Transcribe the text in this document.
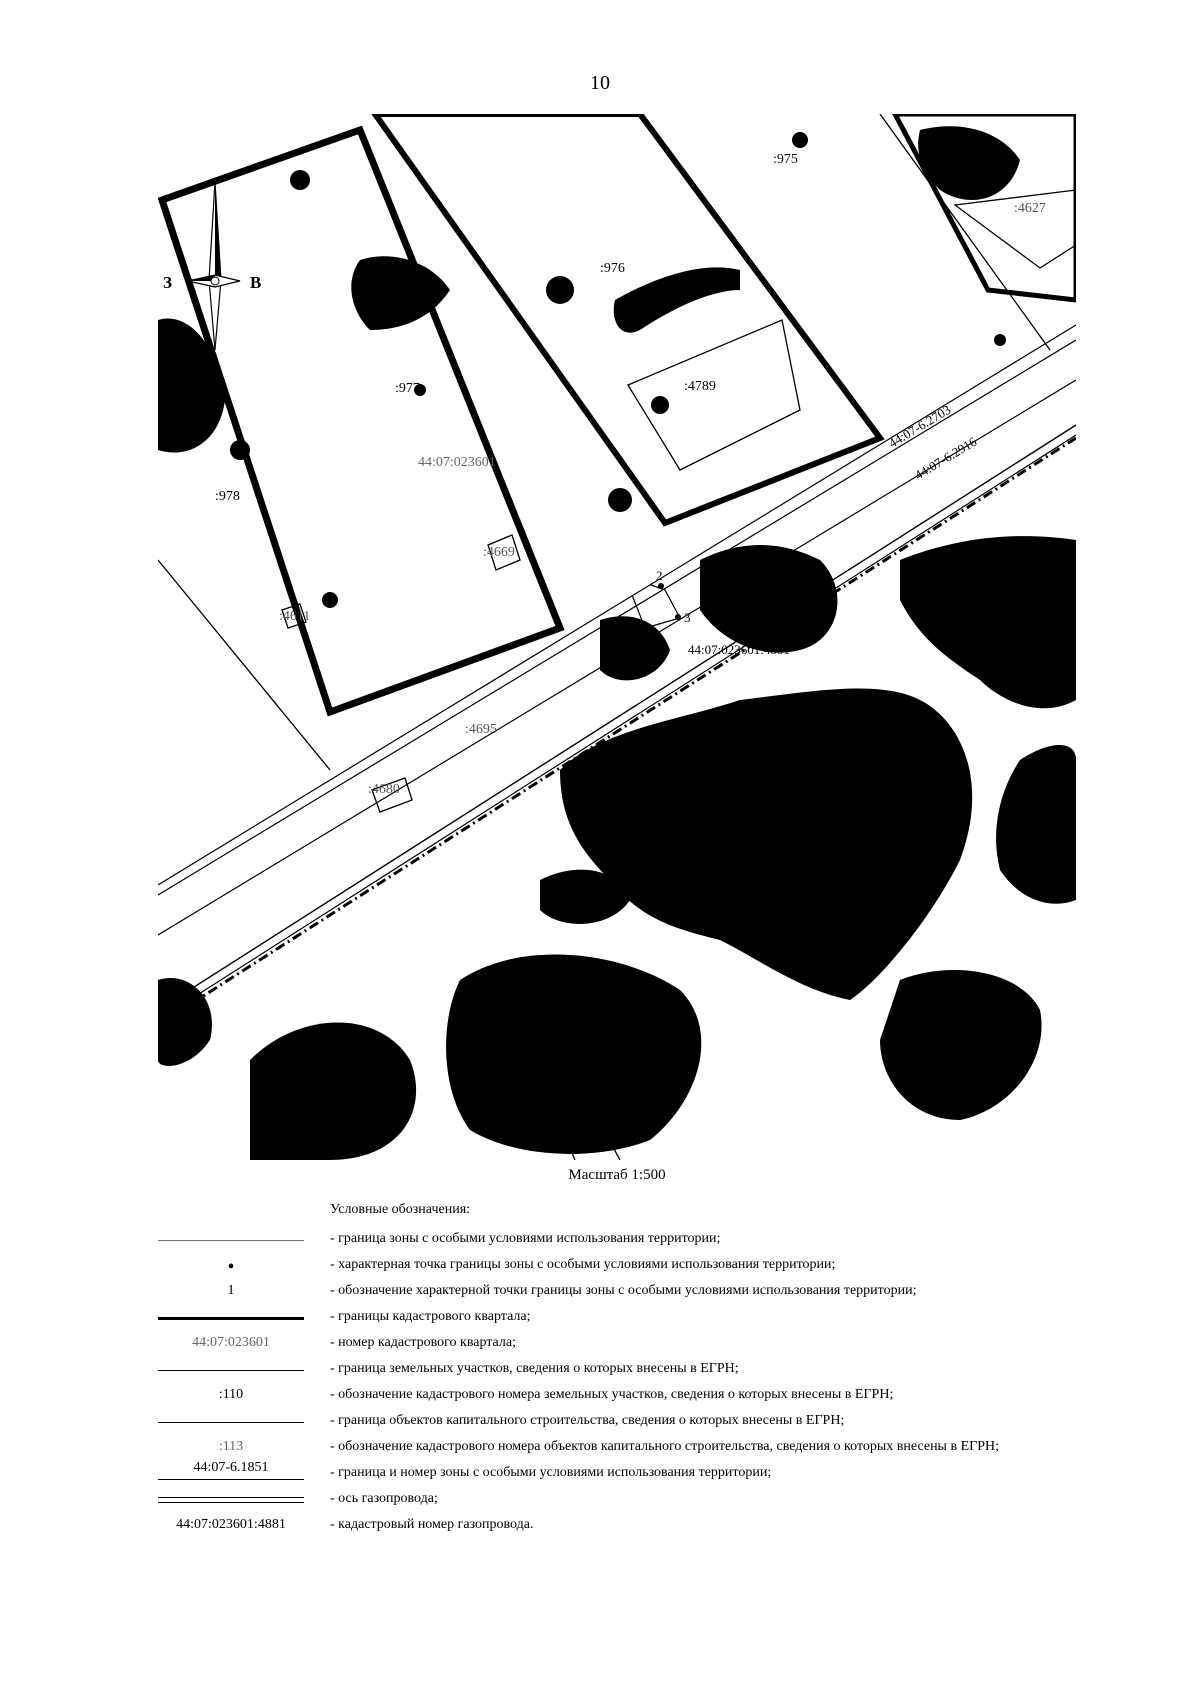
10
З	В
Ю
:975
:976
:977
:978
:4627
:4789
:4669
:4611
:4695
:4680
44:07:023601
44:07:023601:4881
44:07-6.2703
44:07-6.2916
2
3
4
Масштаб 1:500
Условные обозначения:
- граница зоны с особыми условиями использования территории;
•	- характерная точка границы зоны с особыми условиями использования территории;
1	- обозначение характерной точки границы зоны с особыми условиями использования территории;
- границы кадастрового квартала;
44:07:023601	- номер кадастрового квартала;
- граница земельных участков, сведения о которых внесены в ЕГРН;
:110	- обозначение кадастрового номера земельных участков, сведения о которых внесены в ЕГРН;
- граница объектов капитального строительства, сведения о которых внесены в ЕГРН;
:113	- обозначение кадастрового номера объектов капитального строительства, сведения о которых внесены в ЕГРН;
44:07-6.1851	- граница и номер зоны с особыми условиями использования территории;
- ось газопровода;
44:07:023601:4881	- кадастровый номер газопровода.
